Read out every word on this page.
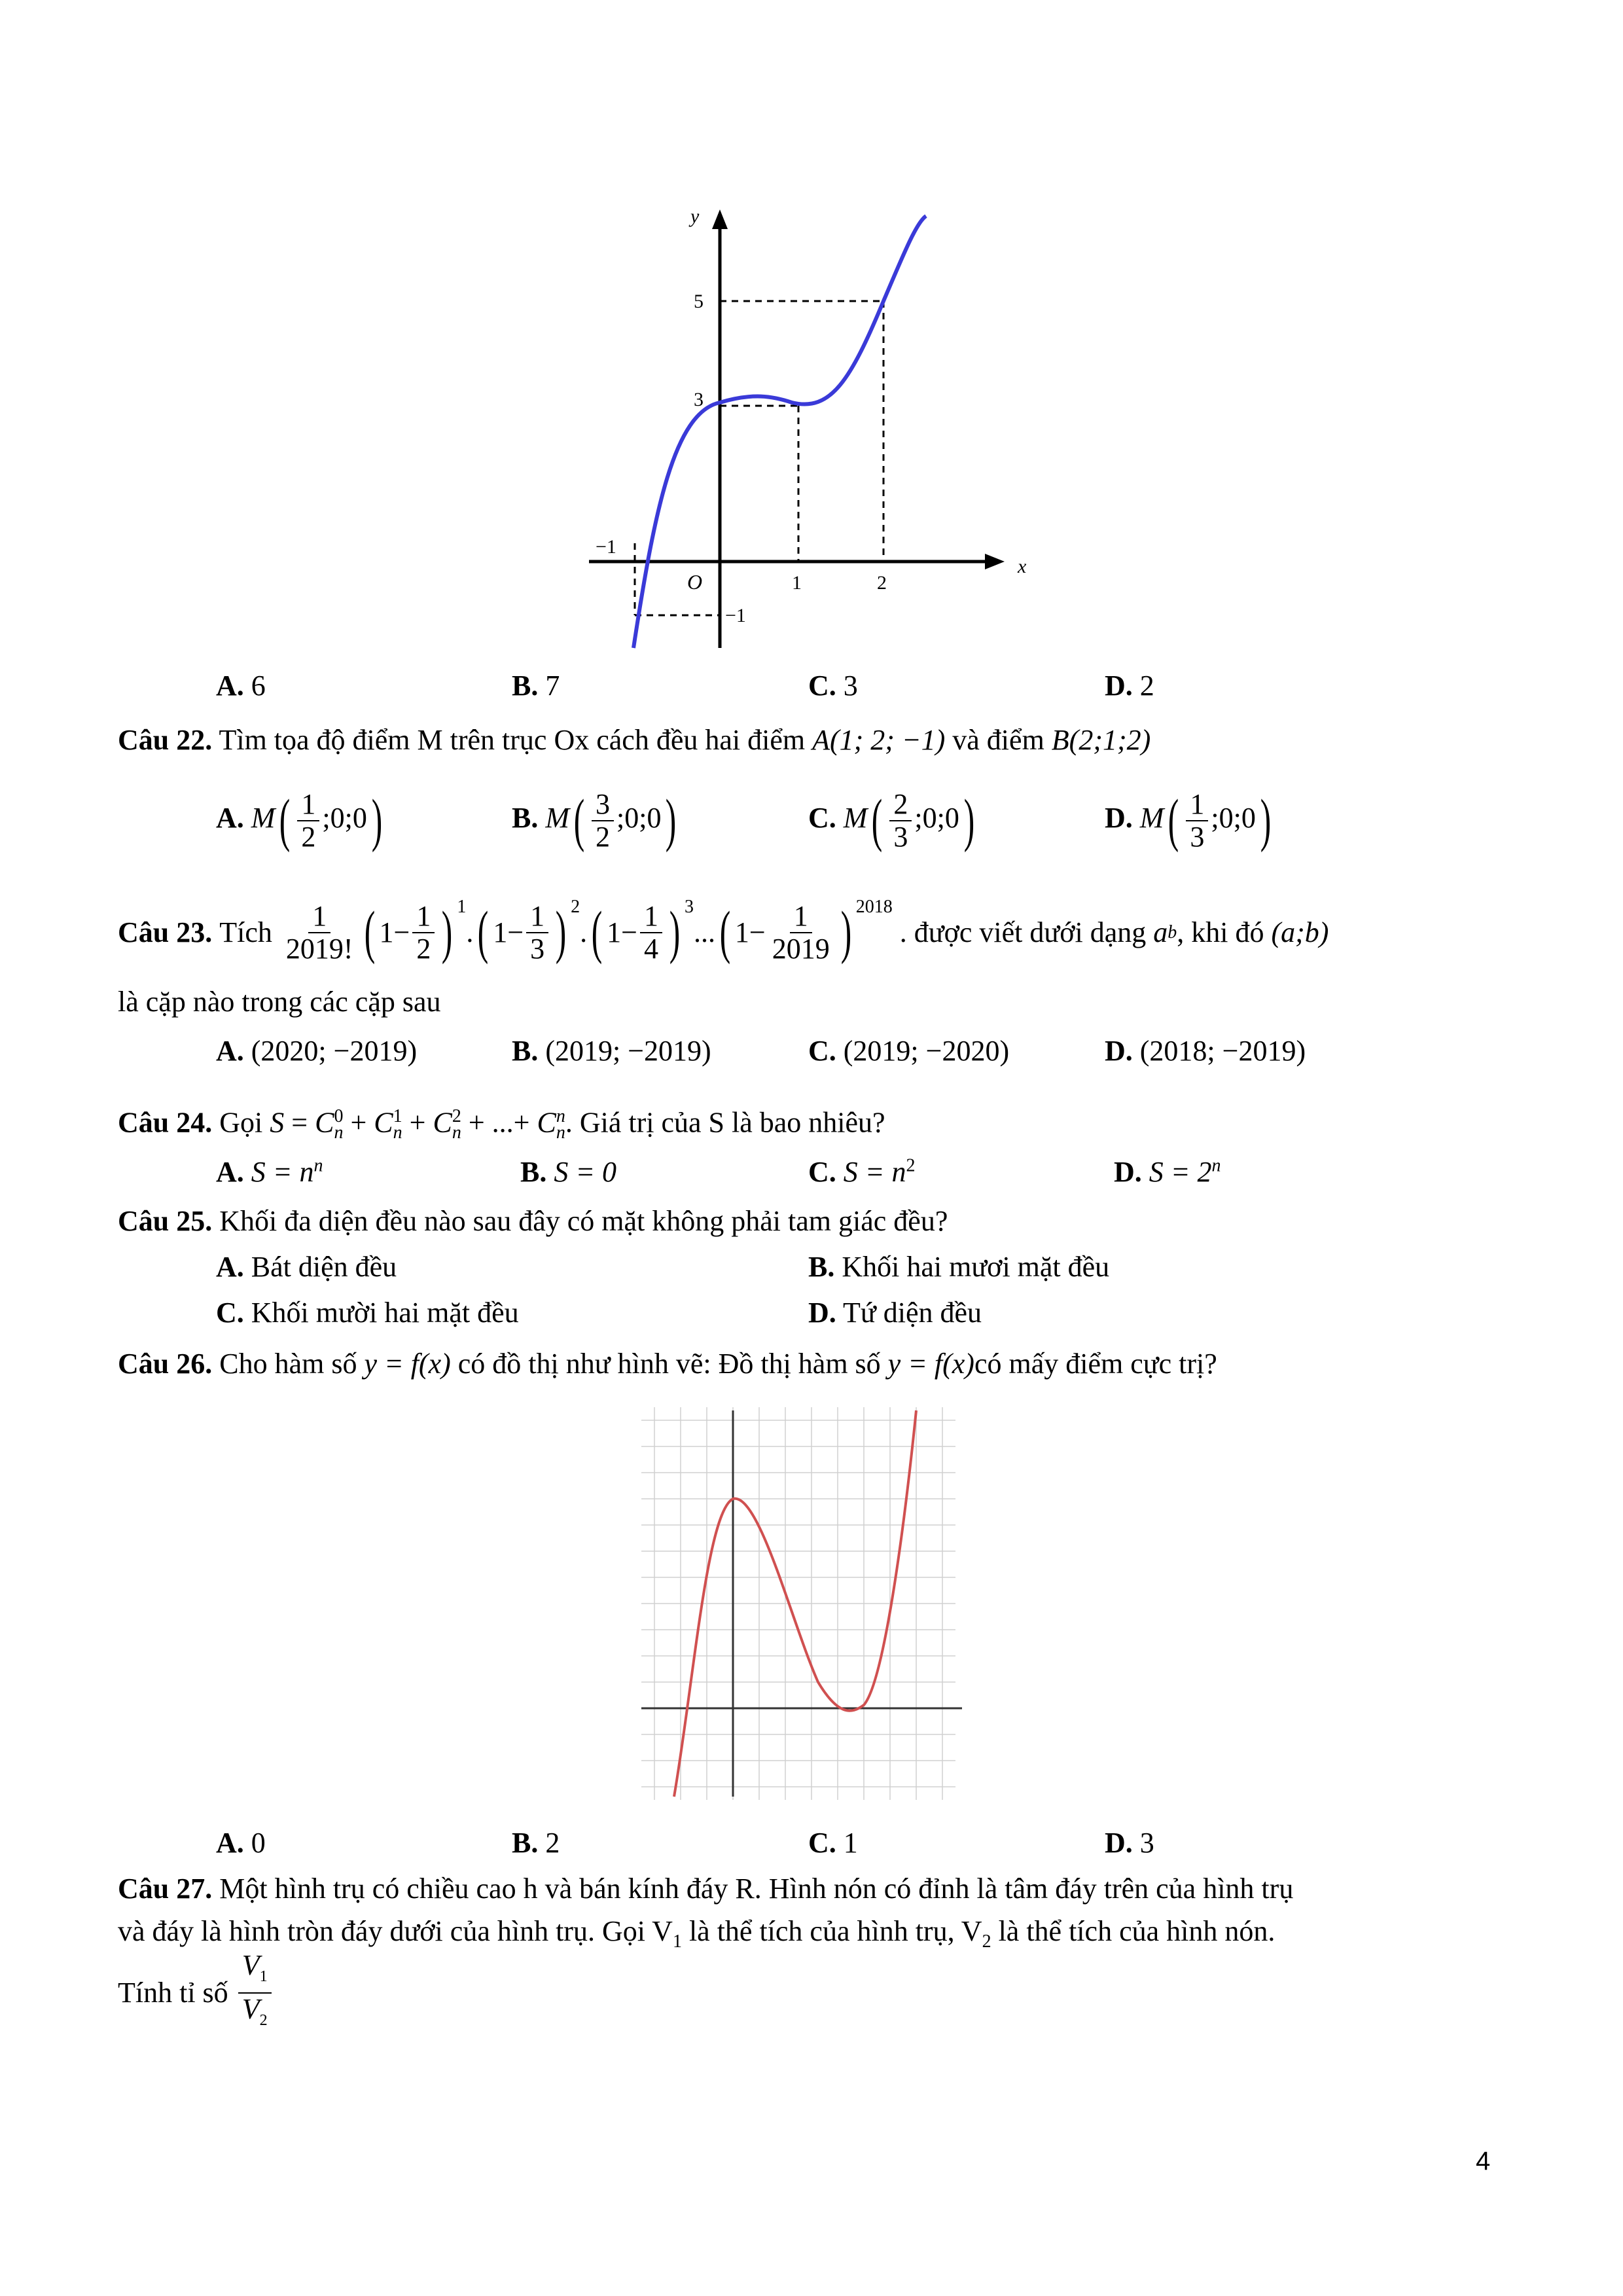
y
x
O
5
3
1	2
−1
−1
A. 6	B. 7	C. 3	D. 2
Câu 22. Tìm tọa độ điểm M trên trục Ox cách đều hai điểm A(1; 2; −1) và điểm B(2;1;2)
A. $M( \frac{1}{2}$ ;0;0)	B. $M( \frac{3}{2}$ ;0;0)	C. $M( \frac{2}{3}$ ;0;0)	D. $M( \frac{1}{3}$ ;0;0)
Câu 23.
Tích
$\frac{1}{2019!}$ ( $1- \frac{1}{2}$ ) 1
. ( $1- \frac{1}{3}$ ) 2
. ( $1- \frac{1}{4}$ ) 3
... ( $1- \frac{1}{2019}$ ) 2018

. được viết dưới dạng
a b , khi đó
(a;b)
là cặp nào trong các cặp sau
A. (2020; −2019)	B. (2019; −2019)	C. (2019; −2020)	D. (2018; −2019)
Câu 24. Gọi $S = C^0_n + C^1_n + C^2_n$ + ...+ $C^n_n$. Giá trị của S là bao nhiêu?
A. $S = n^n$	B. S = 0	C. $S = n^2$	D. $S = 2^n$
Câu 25. Khối đa diện đều nào sau đây có mặt không phải tam giác đều?
A. Bát diện đều	B. Khối hai mươi mặt đều
C. Khối mười hai mặt đều	D. Tứ diện đều
Câu 26. Cho hàm số y = f(x) có đồ thị như hình vẽ: Đồ thị hàm số y = f(x)có mấy điểm cực trị?
A. 0	B. 2	C. 1	D. 3
Câu 27. Một hình trụ có chiều cao h và bán kính đáy R. Hình nón có đỉnh là tâm đáy trên của hình trụ
và đáy là hình tròn đáy dưới của hình trụ. Gọi $V_1$ là thể tích của hình trụ, $V_2$ là thể tích của hình nón.
Tính tỉ số
$\frac{V_1}{V_2}$
4
